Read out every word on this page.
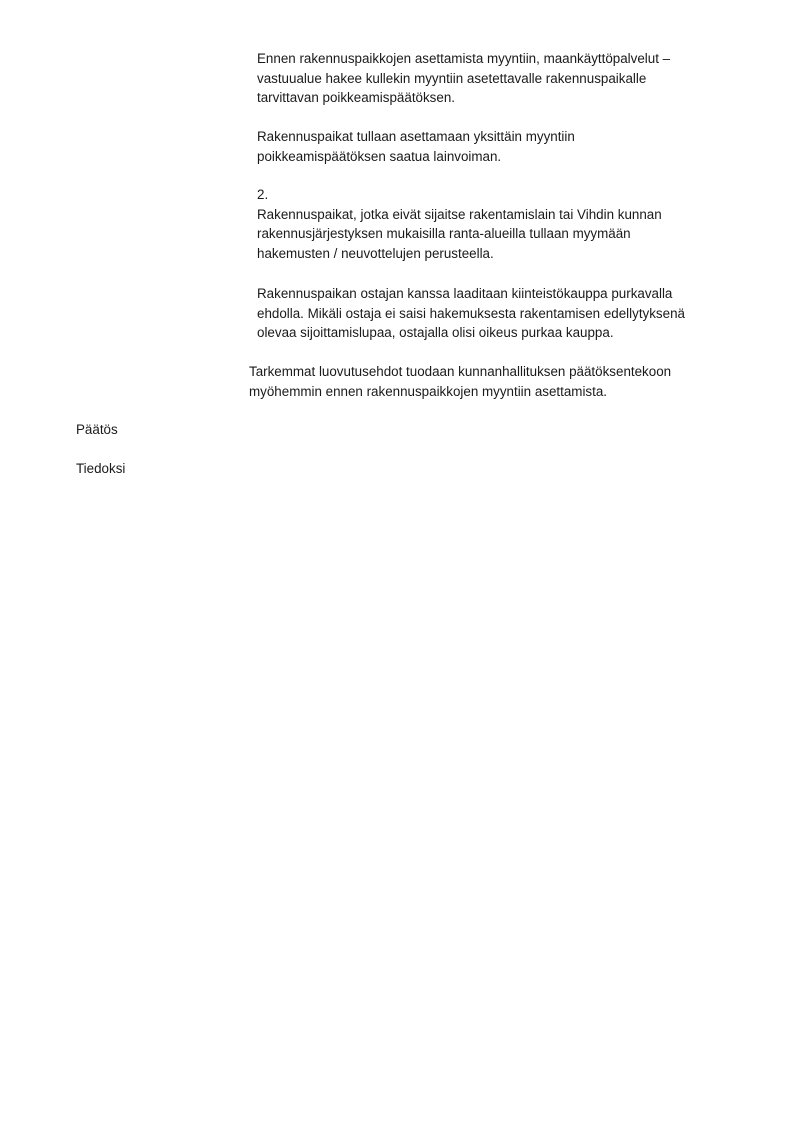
Ennen rakennuspaikkojen asettamista myyntiin, maankäyttöpalvelut –
vastuualue hakee kullekin myyntiin asetettavalle rakennuspaikalle
tarvittavan poikkeamispäätöksen.
Rakennuspaikat tullaan asettamaan yksittäin myyntiin
poikkeamispäätöksen saatua lainvoiman.
2.
Rakennuspaikat, jotka eivät sijaitse rakentamislain tai Vihdin kunnan
rakennusjärjestyksen mukaisilla ranta-alueilla tullaan myymään
hakemusten / neuvottelujen perusteella.
Rakennuspaikan ostajan kanssa laaditaan kiinteistökauppa purkavalla
ehdolla. Mikäli ostaja ei saisi hakemuksesta rakentamisen edellytyksenä
olevaa sijoittamislupaa, ostajalla olisi oikeus purkaa kauppa.
Tarkemmat luovutusehdot tuodaan kunnanhallituksen päätöksentekoon
myöhemmin ennen rakennuspaikkojen myyntiin asettamista.
Päätös
Tiedoksi
